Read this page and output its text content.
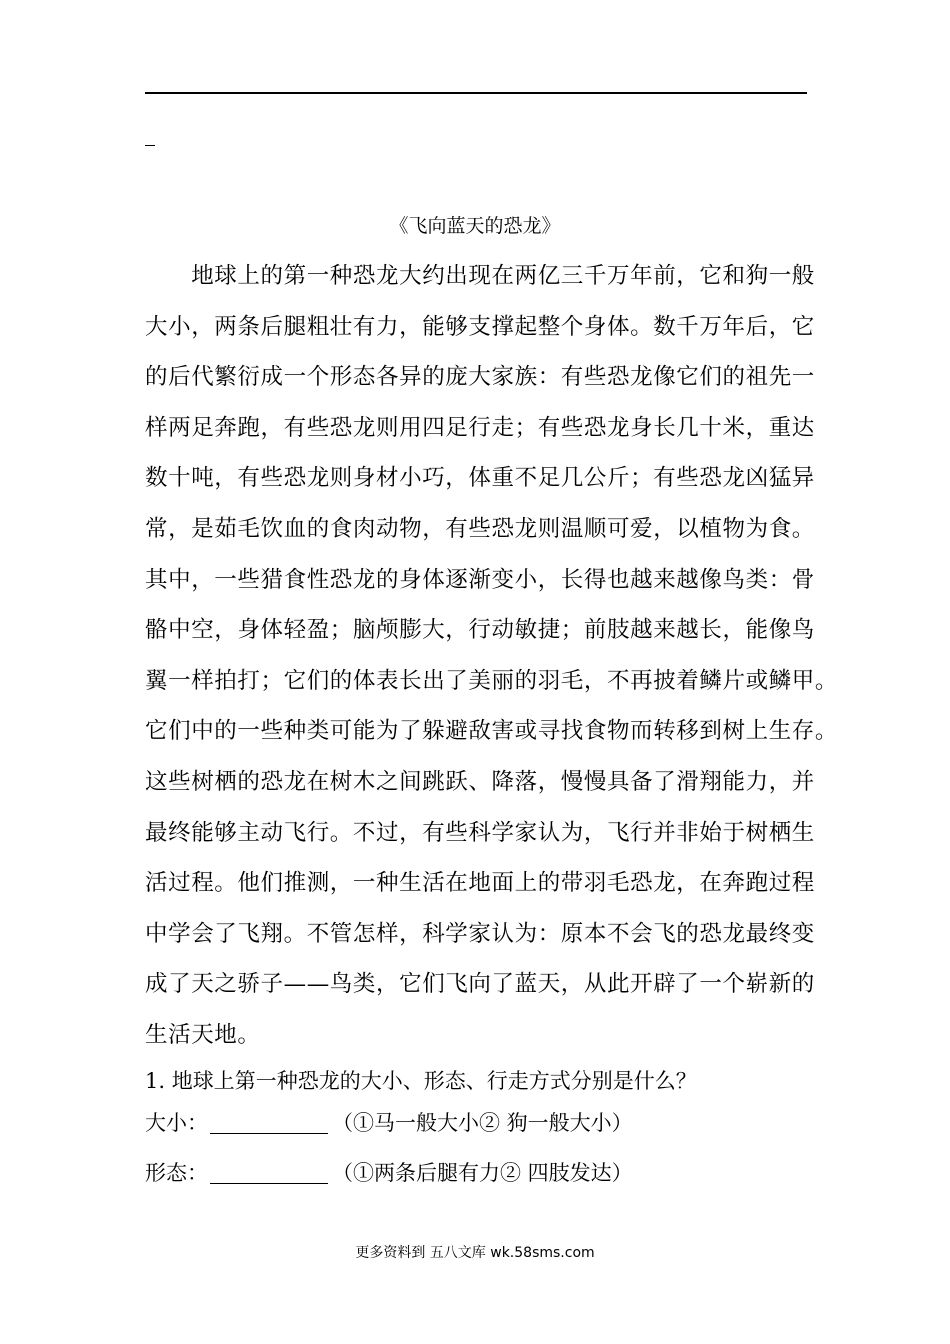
《飞向蓝天的恐龙》
　　地球上的第一种恐龙大约出现在两亿三千万年前，它和狗一般
大小，两条后腿粗壮有力，能够支撑起整个身体。数千万年后，它
的后代繁衍成一个形态各异的庞大家族：有些恐龙像它们的祖先一
样两足奔跑，有些恐龙则用四足行走；有些恐龙身长几十米，重达
数十吨，有些恐龙则身材小巧，体重不足几公斤；有些恐龙凶猛异
常，是茹毛饮血的食肉动物，有些恐龙则温顺可爱，以植物为食。
其中，一些猎食性恐龙的身体逐渐变小，长得也越来越像鸟类：骨
骼中空，身体轻盈；脑颅膨大，行动敏捷；前肢越来越长，能像鸟
翼一样拍打；它们的体表长出了美丽的羽毛，不再披着鳞片或鳞甲。
它们中的一些种类可能为了躲避敌害或寻找食物而转移到树上生存。
这些树栖的恐龙在树木之间跳跃、降落，慢慢具备了滑翔能力，并
最终能够主动飞行。不过，有些科学家认为，飞行并非始于树栖生
活过程。他们推测，一种生活在地面上的带羽毛恐龙，在奔跑过程
中学会了飞翔。不管怎样，科学家认为：原本不会飞的恐龙最终变
成了天之骄子——鸟类，它们飞向了蓝天，从此开辟了一个崭新的
生活天地。
1. 地球上第一种恐龙的大小、形态、行走方式分别是什么？
大小：	（①马一般大小② 狗一般大小）
形态：	（①两条后腿有力② 四肢发达）
更多资料到 五八文库 wk.58sms.com
